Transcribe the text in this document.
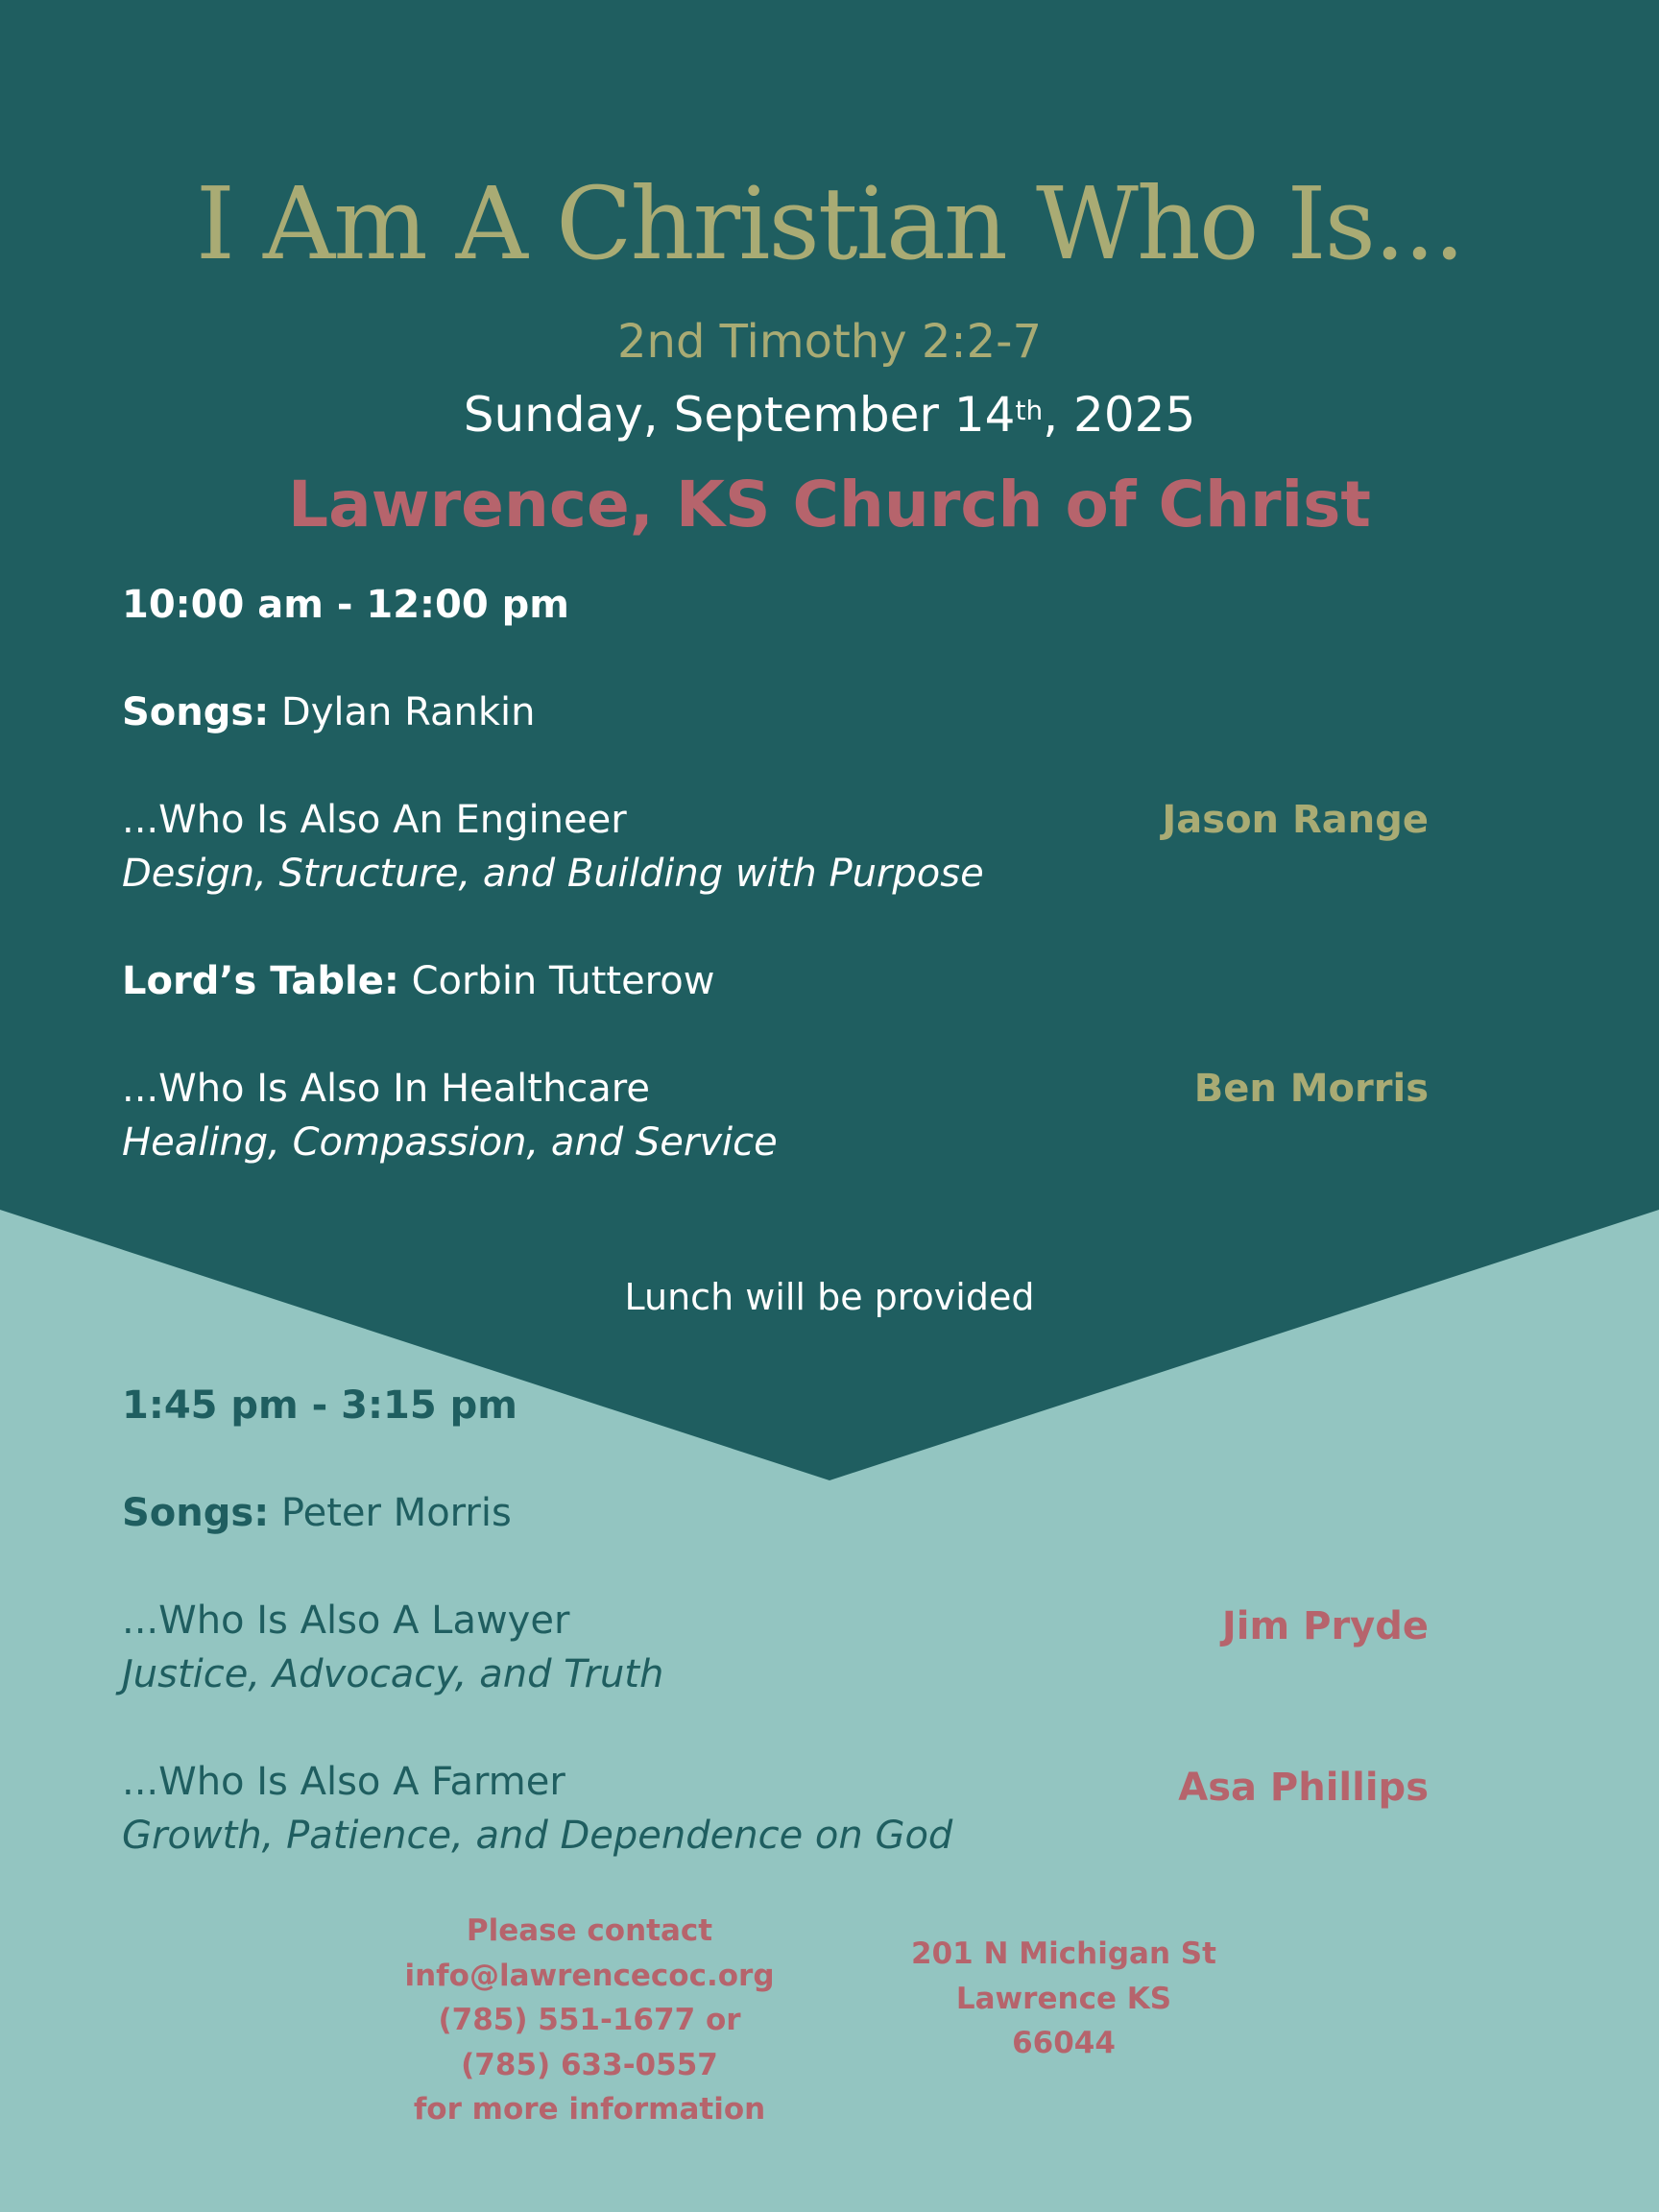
I Am A Christian Who Is...
2nd Timothy 2:2-7
Sunday, September 14th, 2025
Lawrence, KS Church of Christ
10:00 am - 12:00 pm
Songs: Dylan Rankin
...Who Is Also An Engineer	Jason Range
Design, Structure, and Building with Purpose
Lord’s Table: Corbin Tutterow
...Who Is Also In Healthcare	Ben Morris
Healing, Compassion, and Service
Lunch will be provided
1:45 pm - 3:15 pm
Songs: Peter Morris
...Who Is Also A Lawyer	Jim Pryde
Justice, Advocacy, and Truth
...Who Is Also A Farmer	Asa Phillips
Growth, Patience, and Dependence on God
Please contact
info@lawrencecoc.org
(785) 551-1677 or
(785) 633-0557
for more information
201 N Michigan St
Lawrence KS
66044
